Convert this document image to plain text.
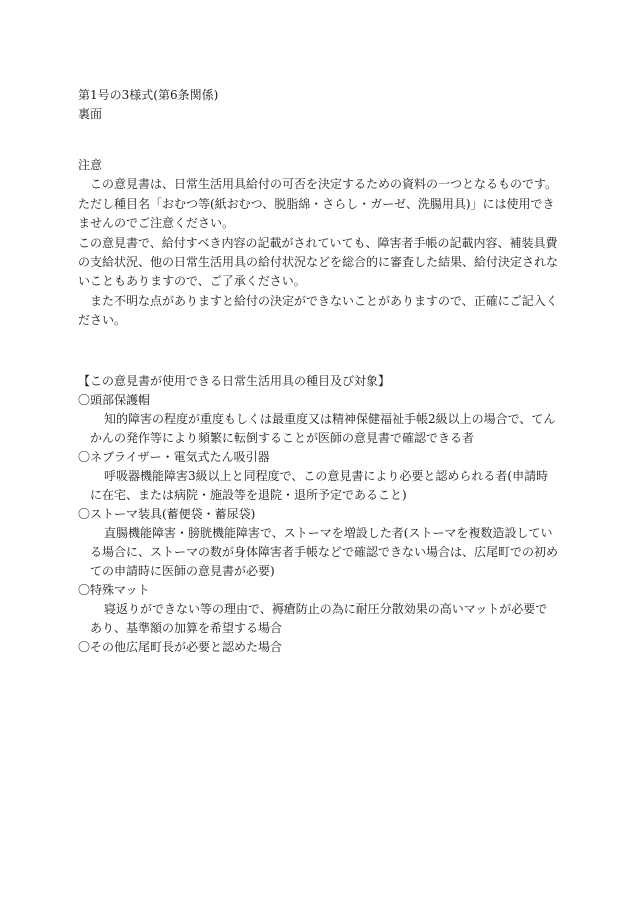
第1号の3様式(第6条関係)
裏面

注意

この意見書は、日常生活用具給付の可否を決定するための資料の一つとなるものです。ただし種目名「おむつ等(紙おむつ、脱脂綿・さらし・ガーゼ、洗腸用具)」には使用できませんのでご注意ください。

この意見書で、給付すべき内容の記載がされていても、障害者手帳の記載内容、補装具費の支給状況、他の日常生活用具の給付状況などを総合的に審査した結果、給付決定されないこともありますので、ご了承ください。

また不明な点がありますと給付の決定ができないことがありますので、正確にご記入ください。

【この意見書が使用できる日常生活用具の種目及び対象】

〇頭部保護帽

知的障害の程度が重度もしくは最重度又は精神保健福祉手帳2級以上の場合で、てんかんの発作等により頻繁に転倒することが医師の意見書で確認できる者

〇ネブライザー・電気式たん吸引器

呼吸器機能障害3級以上と同程度で、この意見書により必要と認められる者(申請時に在宅、または病院・施設等を退院・退所予定であること)

〇ストーマ装具(蓄便袋・蓄尿袋)

直腸機能障害・膀胱機能障害で、ストーマを増設した者(ストーマを複数造設している場合に、ストーマの数が身体障害者手帳などで確認できない場合は、広尾町での初めての申請時に医師の意見書が必要)

〇特殊マット

寝返りができない等の理由で、褥瘡防止の為に耐圧分散効果の高いマットが必要であり、基準額の加算を希望する場合

〇その他広尾町長が必要と認めた場合
